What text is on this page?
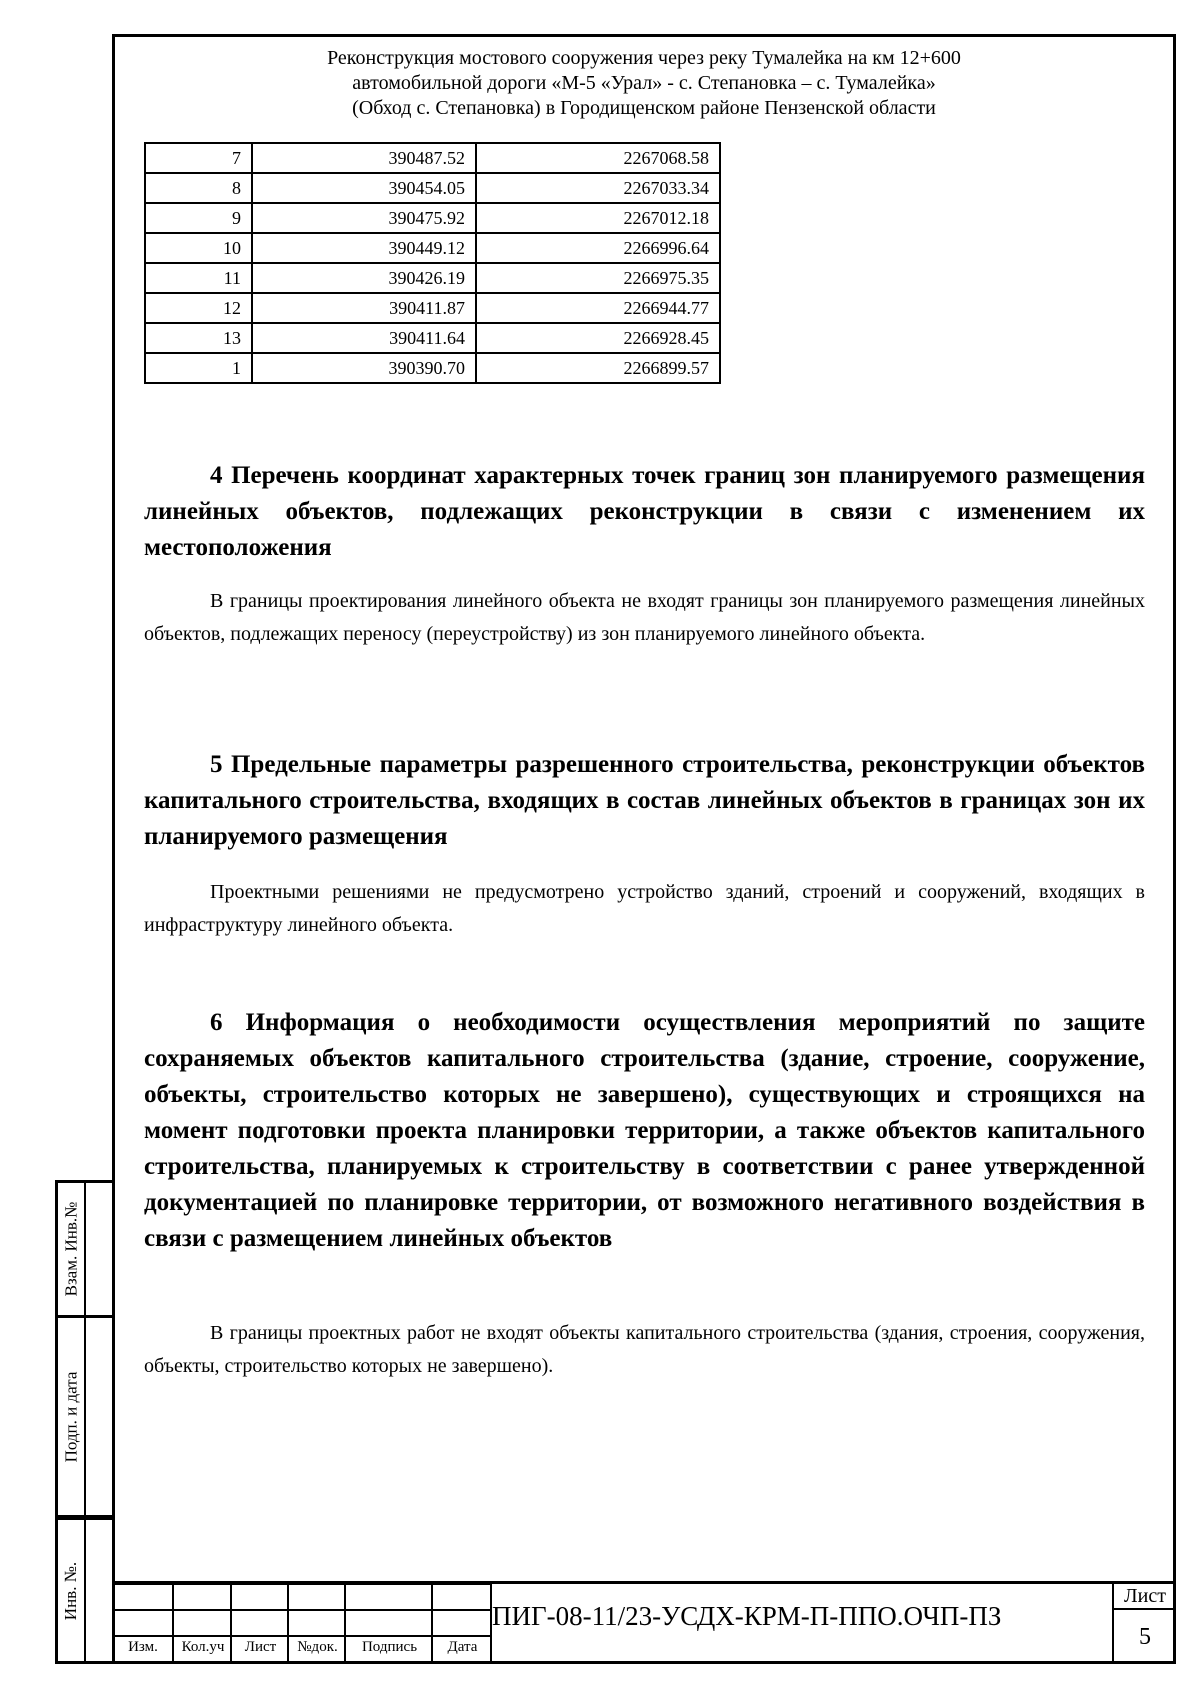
Взам. Инв.№
Подп. и дата
Инв. №.
Реконструкция мостового сооружения через реку Тумалейка на км 12+600
автомобильной дороги «М-5 «Урал» - с. Степановка – с. Тумалейка»
(Обход с. Степановка) в Городищенском районе Пензенской области
7	390487.52	2267068.58
8	390454.05	2267033.34
9	390475.92	2267012.18
10	390449.12	2266996.64
11	390426.19	2266975.35
12	390411.87	2266944.77
13	390411.64	2266928.45
1	390390.70	2266899.57
4 Перечень координат характерных точек границ зон планируемого размещения линейных объектов, подлежащих реконструкции в связи с изменением их местоположения
В границы проектирования линейного объекта не входят границы зон планируемого размещения линейных объектов, подлежащих переносу (переустройству) из зон планируемого линейного объекта.
5 Предельные параметры разрешенного строительства, реконструкции объектов капитального строительства, входящих в состав линейных объектов в границах зон их планируемого размещения
Проектными решениями не предусмотрено устройство зданий, строений и сооружений, входящих в инфраструктуру линейного объекта.
6 Информация о необходимости осуществления мероприятий по защите сохраняемых объектов капитального строительства (здание, строение, сооружение, объекты, строительство которых не завершено), существующих и строящихся на момент подготовки проекта планировки территории, а также объектов капитального строительства, планируемых к строительству в соответствии с ранее утвержденной документацией по планировке территории, от возможного негативного воздействия в связи с размещением линейных объектов
В границы проектных работ не входят объекты капитального строительства (здания, строения, сооружения, объекты, строительство которых не завершено).
Изм.	Кол.уч	Лист	№док.	Подпись	Дата
ПИГ-08-11/23-УСДХ-КРМ-П-ППО.ОЧП-ПЗ
Лист
5
